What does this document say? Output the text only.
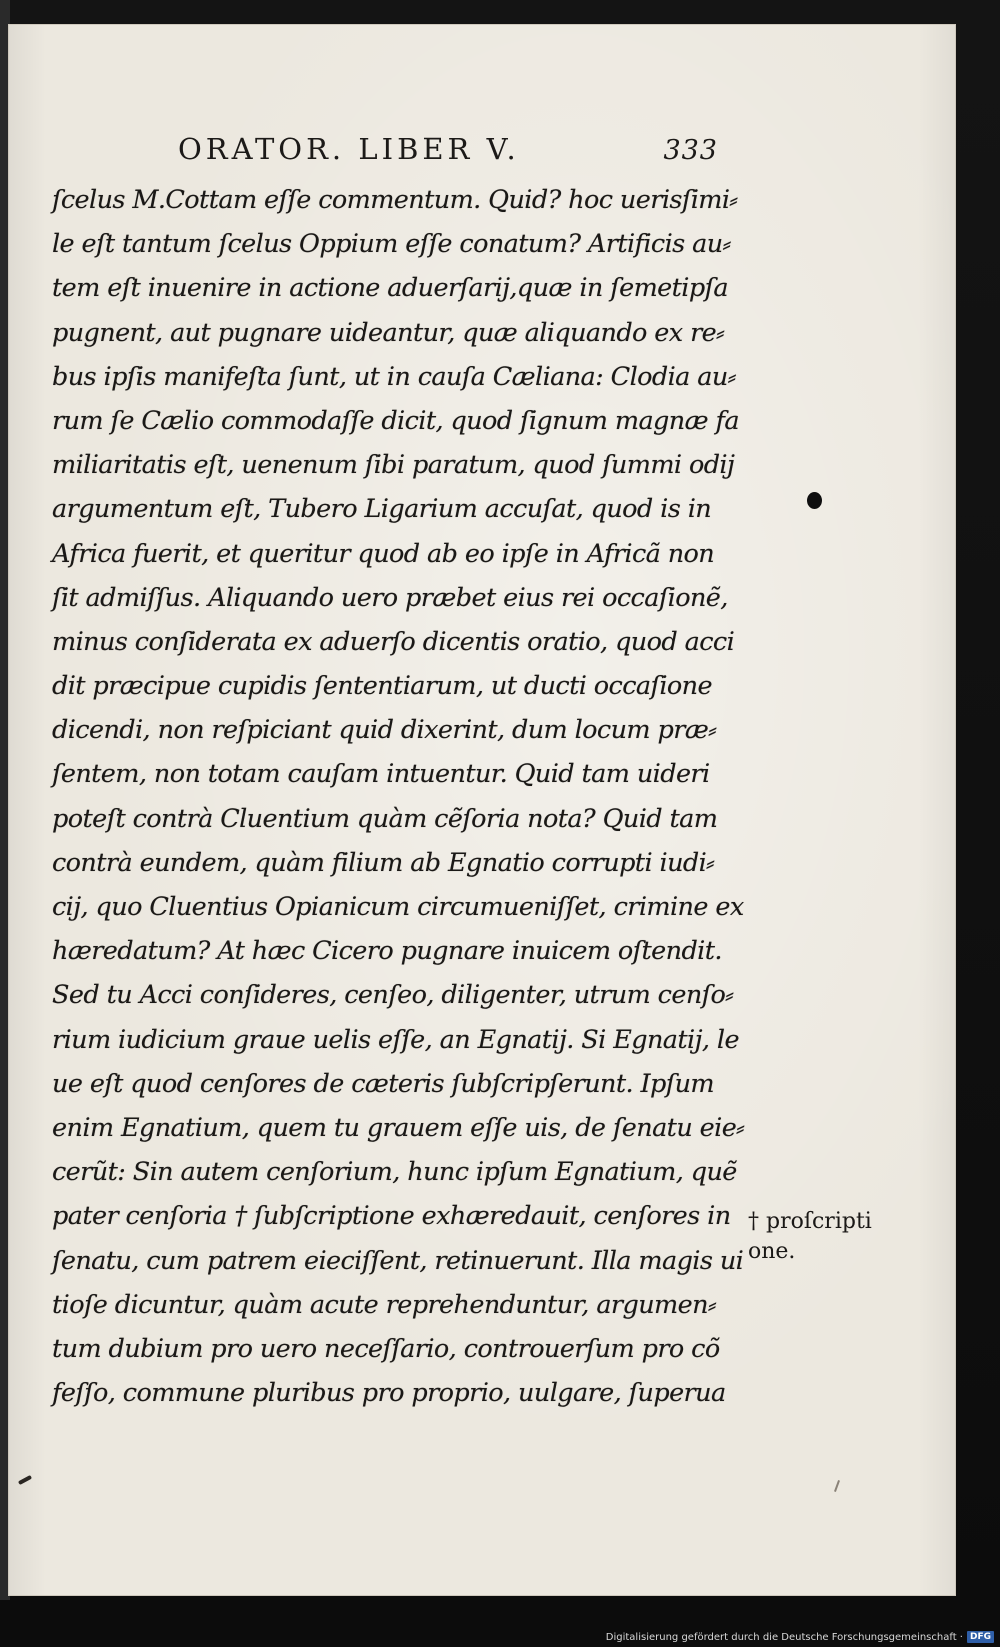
ORATOR. LIBER V.	333
ſcelus M.Cottam eſſe commentum. Quid? hoc uerisſimi⸗
le eſt tantum ſcelus Oppium eſſe conatum? Artificis au⸗
tem eſt inuenire in actione aduerſarij,quæ in ſemetipſa
pugnent, aut pugnare uideantur, quæ aliquando ex re⸗
bus ipſis manifeſta ſunt, ut in cauſa Cæliana: Clodia au⸗
rum ſe Cælio commodaſſe dicit, quod ſignum magnæ fa
miliaritatis eſt, uenenum ſibi paratum, quod ſummi odij
argumentum eſt, Tubero Ligarium accuſat, quod is in
Africa fuerit, et queritur quod ab eo ipſe in Africã non
ſit admiſſus. Aliquando uero præbet eius rei occaſionẽ,
minus conſiderata ex aduerſo dicentis oratio, quod acci
dit præcipue cupidis ſententiarum, ut ducti occaſione
dicendi, non reſpiciant quid dixerint, dum locum præ⸗
ſentem, non totam cauſam intuentur. Quid tam uideri
poteſt contrà Cluentium quàm cẽſoria nota? Quid tam
contrà eundem, quàm filium ab Egnatio corrupti iudi⸗
cij, quo Cluentius Opianicum circumueniſſet, crimine ex
hæredatum? At hæc Cicero pugnare inuicem oſtendit.
Sed tu Acci conſideres, cenſeo, diligenter, utrum cenſo⸗
rium iudicium graue uelis eſſe, an Egnatij. Si Egnatij, le
ue eſt quod cenſores de cæteris ſubſcripſerunt. Ipſum
enim Egnatium, quem tu grauem eſſe uis, de ſenatu eie⸗
cerũt: Sin autem cenſorium, hunc ipſum Egnatium, quẽ
pater cenſoria † ſubſcriptione exhæredauit, cenſores in
ſenatu, cum patrem eieciſſent, retinuerunt. Illa magis ui
tioſe dicuntur, quàm acute reprehenduntur, argumen⸗
tum dubium pro uero neceſſario, controuerſum pro cõ
feſſo, commune pluribus pro proprio, uulgare, ſuperuа
† proſcripti
one.
Digitalisierung gefördert durch die Deutsche Forschungsgemeinschaft · DFG
